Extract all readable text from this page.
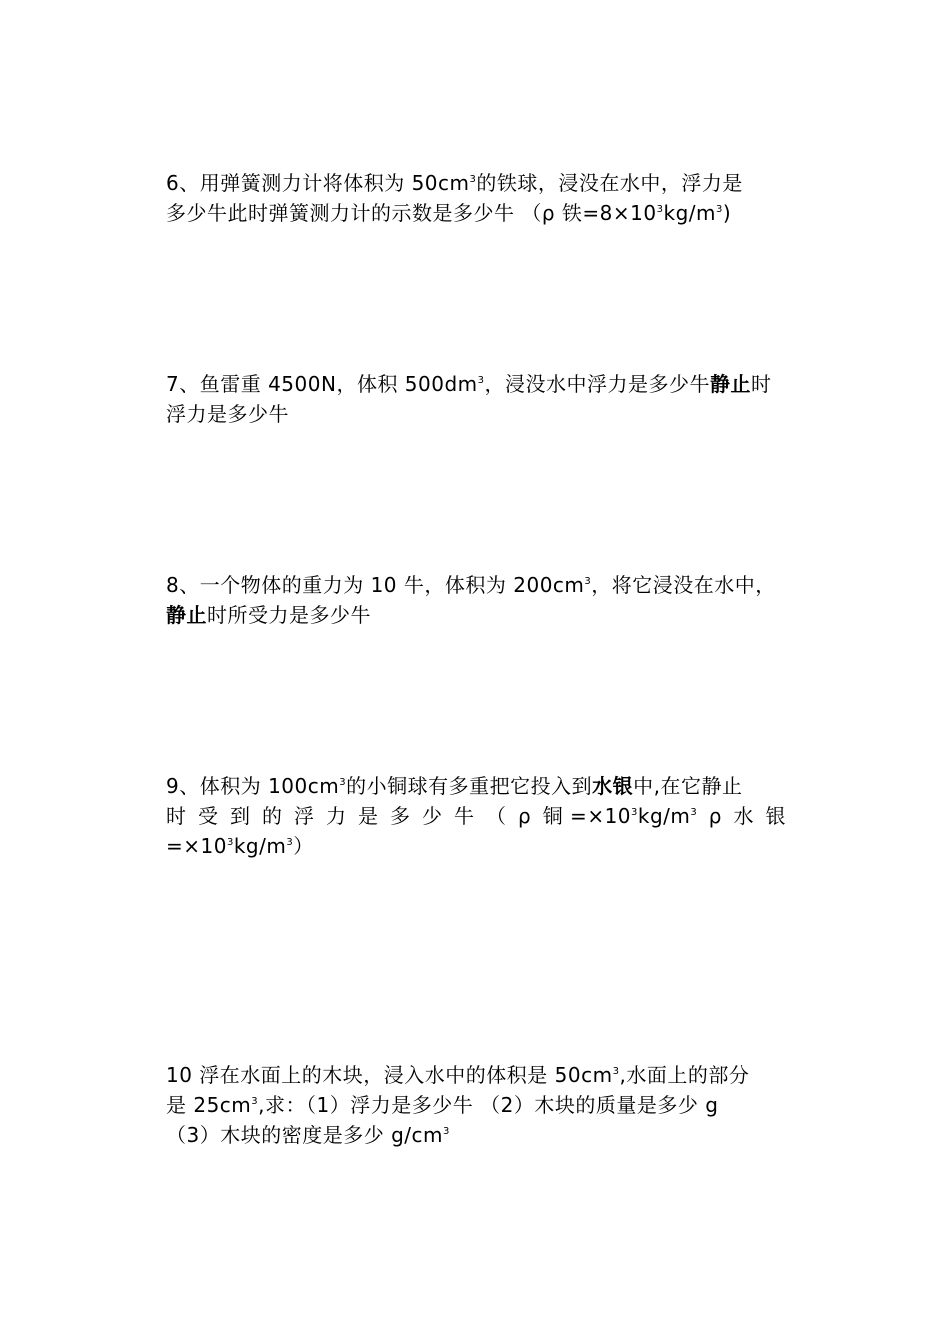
6、用弹簧测力计将体积为 $50cm^3$的铁球，浸没在水中，浮力是

多少牛此时弹簧测力计的示数是多少牛 （ρ 铁$=8\times 10^3kg/m^3$)

7、鱼雷重 4500N，体积 $500dm^3$，浸没水中浮力是多少牛静止时

浮力是多少牛

8、一个物体的重力为 10 牛，体积为 $200cm^3$，将它浸没在水中，

静止时所受力是多少牛

9、体积为 $100cm^3$的小铜球有多重把它投入到水银中,在它静止

时 受 到 的 浮 力 是 多 少 牛 （ ρ 铜 $=\times 10^3kg/m^3$ ρ 水 银

$=\times 10^3kg/m^3$）

10 浮在水面上的木块，浸入水中的体积是 $50cm^3$,水面上的部分

是 $25cm^3$,求：（1）浮力是多少牛 （2）木块的质量是多少 g

（3）木块的密度是多少 $g/cm^3$
